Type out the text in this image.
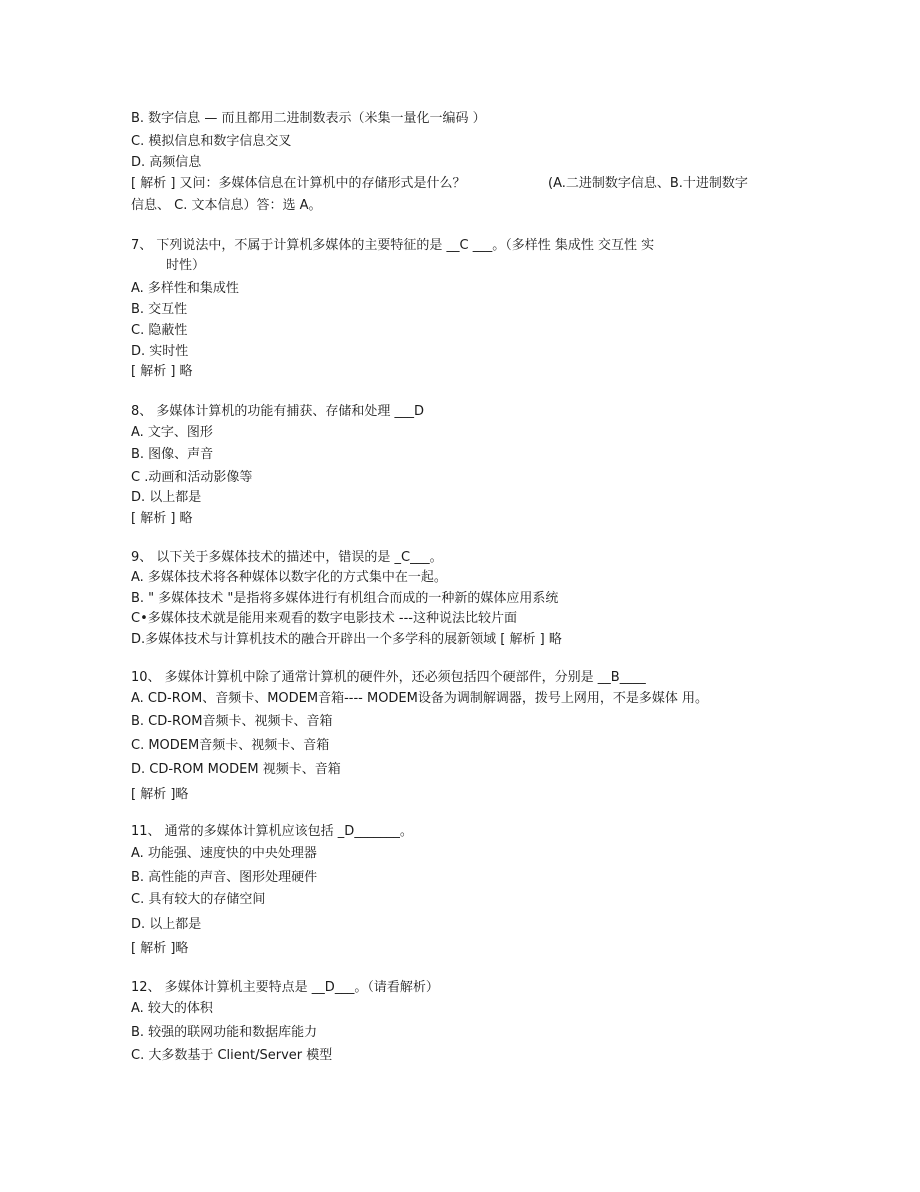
B. 数字信息 — 而且都用二进制数表示（米集一量化一编码 ）
C. 模拟信息和数字信息交叉
D. 高频信息
[ 解析 ] 又问：多媒体信息在计算机中的存储形式是什么？	(A.二进制数字信息、B.十进制数字
信息、 C. 文本信息）答：选 A。
7、 下列说法中，不属于计算机多媒体的主要特征的是 __C ___。（多样性 集成性 交互性 实
时性）
A. 多样性和集成性
B. 交互性
C. 隐蔽性
D. 实时性
[ 解析 ] 略
8、 多媒体计算机的功能有捕获、存储和处理 ___D
A. 文字、图形
B. 图像、声音
C .动画和活动影像等
D. 以上都是
[ 解析 ] 略
9、 以下关于多媒体技术的描述中，错误的是 _C___。
A. 多媒体技术将各种媒体以数字化的方式集中在一起。
B. " 多媒体技术 "是指将多媒体进行有机组合而成的一种新的媒体应用系统
C•多媒体技术就是能用来观看的数字电影技术 ---这种说法比较片面
D.多媒体技术与计算机技术的融合开辟出一个多学科的展新领域 [ 解析 ] 略
10、 多媒体计算机中除了通常计算机的硬件外，还必须包括四个硬部件，分别是 __B____
A. CD-ROM、音频卡、MODEM音箱---- MODEM设备为调制解调器，拨号上网用，不是多媒体 用。
B. CD-ROM音频卡、视频卡、音箱
C. MODEM音频卡、视频卡、音箱
D. CD-ROM MODEM 视频卡、音箱
[ 解析 ]略
11、 通常的多媒体计算机应该包括 _D_______。
A. 功能强、速度快的中央处理器
B. 高性能的声音、图形处理硬件
C. 具有较大的存储空间
D. 以上都是
[ 解析 ]略
12、 多媒体计算机主要特点是 __D___。（请看解析）
A. 较大的体积
B. 较强的联网功能和数据库能力
C. 大多数基于 Client/Server 模型
